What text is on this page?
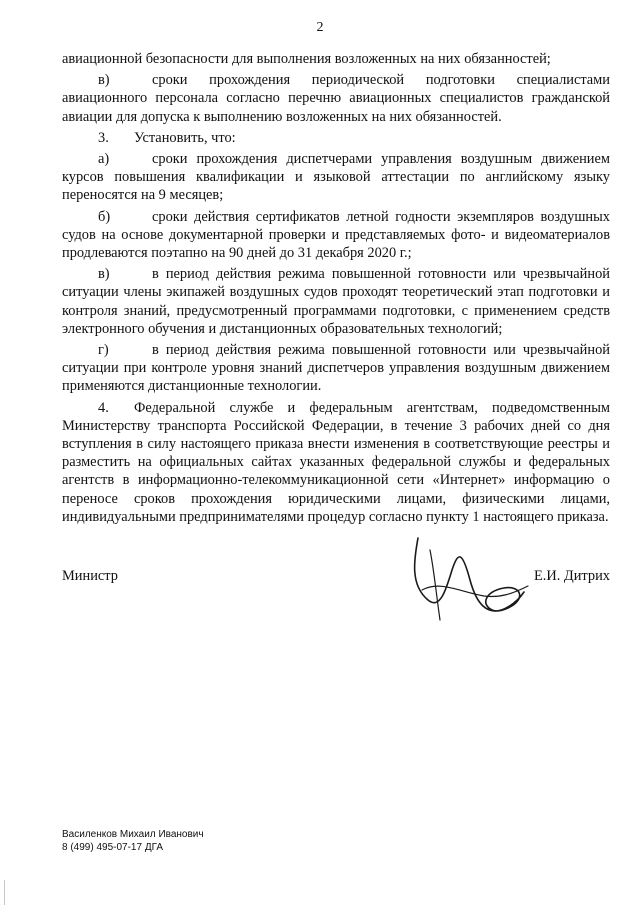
2

авиационной безопасности для выполнения возложенных на них обязанностей;

в)	сроки прохождения периодической подготовки специалистами авиационного персонала согласно перечню авиационных специалистов гражданской авиации для допуска к выполнению возложенных на них обязанностей.

3. Установить, что:

а)	сроки прохождения диспетчерами управления воздушным движением курсов повышения квалификации и языковой аттестации по английскому языку переносятся на 9 месяцев;

б)	сроки действия сертификатов летной годности экземпляров воздушных судов на основе документарной проверки и представляемых фото- и видеоматериалов продлеваются поэтапно на 90 дней до 31 декабря 2020 г.;

в)	в период действия режима повышенной готовности или чрезвычайной ситуации члены экипажей воздушных судов проходят теоретический этап подготовки и контроля знаний, предусмотренный программами подготовки, с применением средств электронного обучения и дистанционных образовательных технологий;

г)	в период действия режима повышенной готовности или чрезвычайной ситуации при контроле уровня знаний диспетчеров управления воздушным движением применяются дистанционные технологии.

4. Федеральной службе и федеральным агентствам, подведомственным Министерству транспорта Российской Федерации, в течение 3 рабочих дней со дня вступления в силу настоящего приказа внести изменения в соответствующие реестры и разместить на официальных сайтах указанных федеральной службы и федеральных агентств в информационно-телекоммуникационной сети «Интернет» информацию о переносе сроков прохождения юридическими лицами, физическими лицами, индивидуальными предпринимателями процедур согласно пункту 1 настоящего приказа.

Министр	Е.И. Дитрих
Василенков Михаил Иванович
8 (499) 495-07-17 ДГА
